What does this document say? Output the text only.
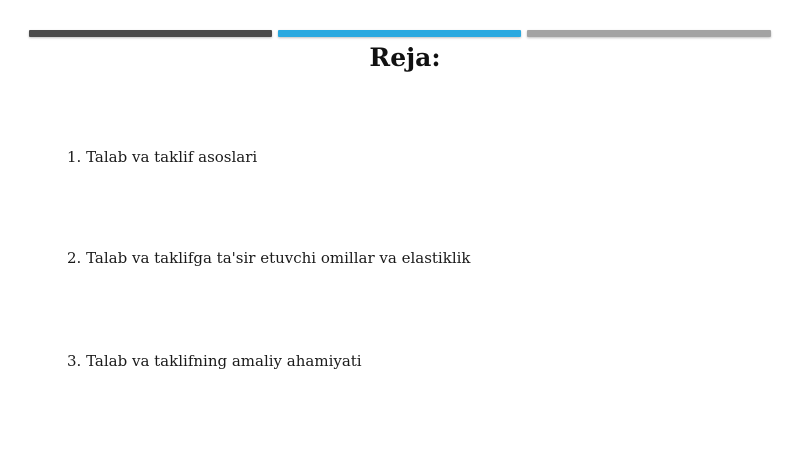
Reja:
1. Talab va taklif asoslari
2. Talab va taklifga ta'sir etuvchi omillar va elastiklik
3. Talab va taklifning amaliy ahamiyati
